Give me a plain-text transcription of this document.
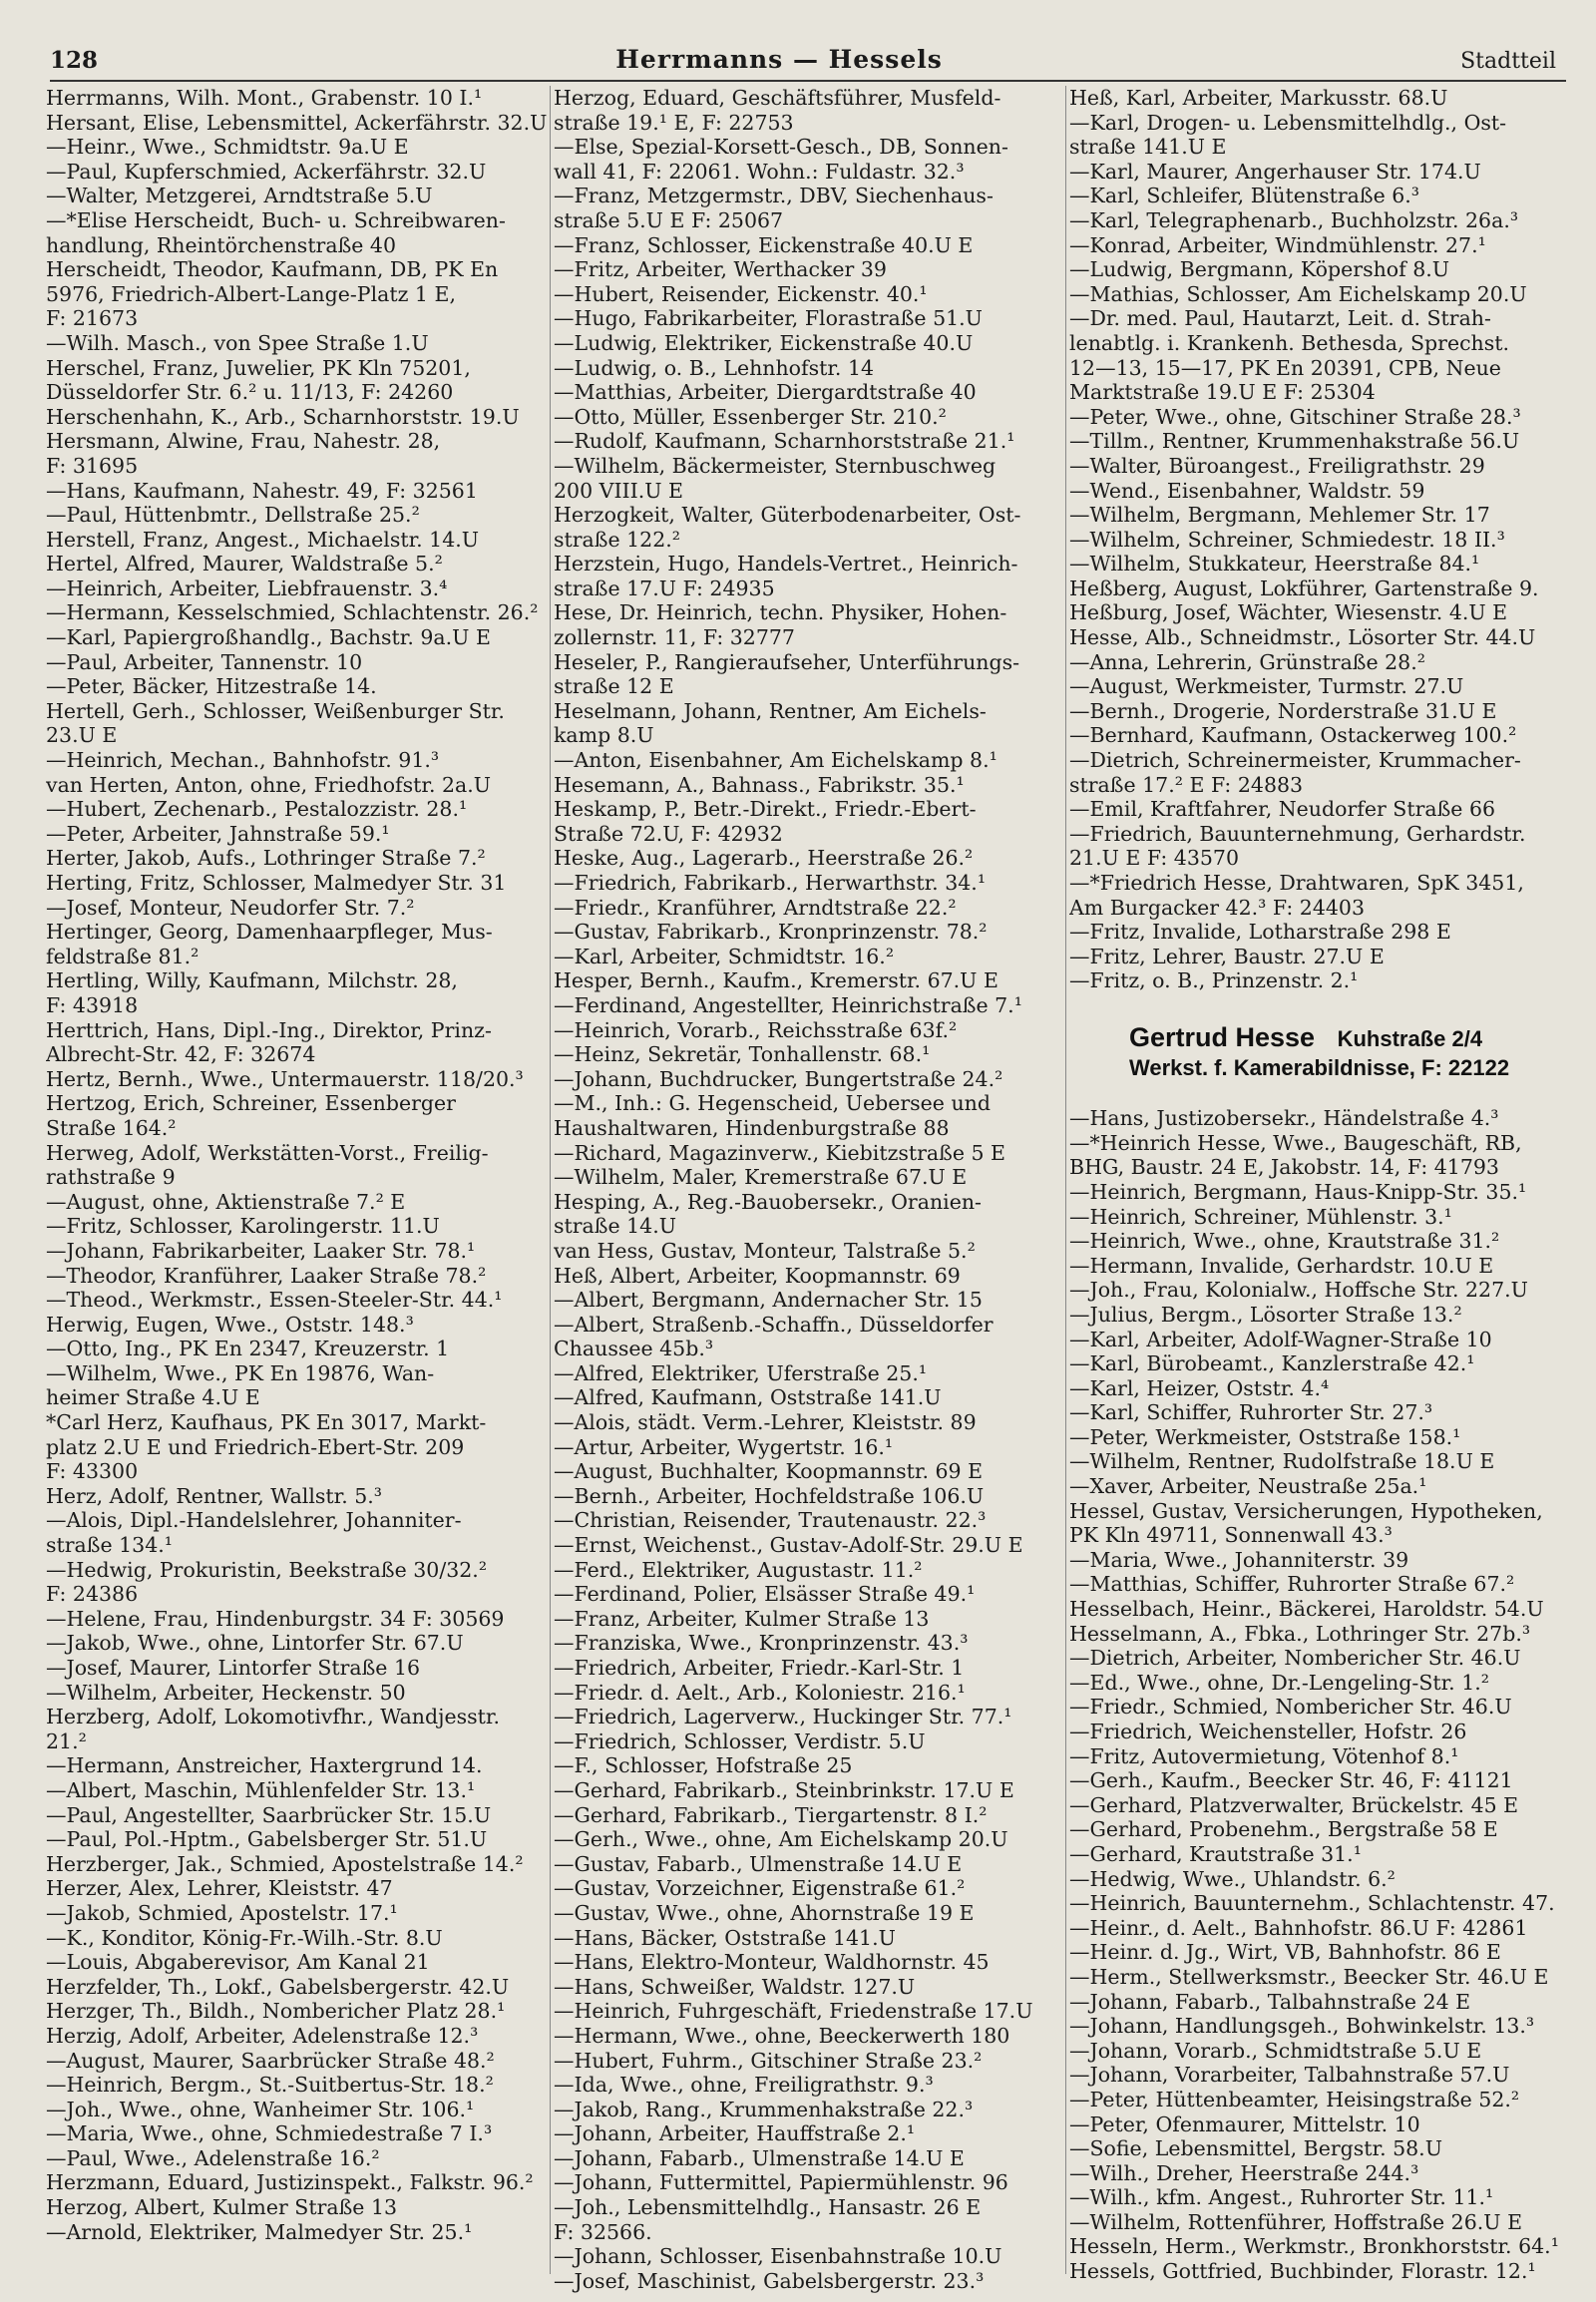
128	Herrmanns — Hessels	Stadtteil

Herrmanns, Wilh. Mont., Grabenstr. 10 I.¹

Hersant, Elise, Lebensmittel, Ackerfährstr. 32.U

—Heinr., Wwe., Schmidtstr. 9a.U E

—Paul, Kupferschmied, Ackerfährstr. 32.U

—Walter, Metzgerei, Arndtstraße 5.U

—*Elise Herscheidt, Buch- u. Schreibwaren-

handlung, Rheintörchenstraße 40

Herscheidt, Theodor, Kaufmann, DB, PK En

5976, Friedrich-Albert-Lange-Platz 1 E,

F: 21673

—Wilh. Masch., von Spee Straße 1.U

Herschel, Franz, Juwelier, PK Kln 75201,

Düsseldorfer Str. 6.² u. 11/13, F: 24260

Herschenhahn, K., Arb., Scharnhorststr. 19.U

Hersmann, Alwine, Frau, Nahestr. 28,

F: 31695

—Hans, Kaufmann, Nahestr. 49, F: 32561

—Paul, Hüttenbmtr., Dellstraße 25.²

Herstell, Franz, Angest., Michaelstr. 14.U

Hertel, Alfred, Maurer, Waldstraße 5.²

—Heinrich, Arbeiter, Liebfrauenstr. 3.⁴

—Hermann, Kesselschmied, Schlachtenstr. 26.²

—Karl, Papiergroßhandlg., Bachstr. 9a.U E

—Paul, Arbeiter, Tannenstr. 10

—Peter, Bäcker, Hitzestraße 14.

Hertell, Gerh., Schlosser, Weißenburger Str.

23.U E

—Heinrich, Mechan., Bahnhofstr. 91.³

van Herten, Anton, ohne, Friedhofstr. 2a.U

—Hubert, Zechenarb., Pestalozzistr. 28.¹

—Peter, Arbeiter, Jahnstraße 59.¹

Herter, Jakob, Aufs., Lothringer Straße 7.²

Herting, Fritz, Schlosser, Malmedyer Str. 31

—Josef, Monteur, Neudorfer Str. 7.²

Hertinger, Georg, Damenhaarpfleger, Mus-

feldstraße 81.²

Hertling, Willy, Kaufmann, Milchstr. 28,

F: 43918

Herttrich, Hans, Dipl.-Ing., Direktor, Prinz-

Albrecht-Str. 42, F: 32674

Hertz, Bernh., Wwe., Untermauerstr. 118/20.³

Hertzog, Erich, Schreiner, Essenberger

Straße 164.²

Herweg, Adolf, Werkstätten-Vorst., Freilig-

rathstraße 9

—August, ohne, Aktienstraße 7.² E

—Fritz, Schlosser, Karolingerstr. 11.U

—Johann, Fabrikarbeiter, Laaker Str. 78.¹

—Theodor, Kranführer, Laaker Straße 78.²

—Theod., Werkmstr., Essen-Steeler-Str. 44.¹

Herwig, Eugen, Wwe., Oststr. 148.³

—Otto, Ing., PK En 2347, Kreuzerstr. 1

—Wilhelm, Wwe., PK En 19876, Wan-

heimer Straße 4.U E

*Carl Herz, Kaufhaus, PK En 3017, Markt-

platz 2.U E und Friedrich-Ebert-Str. 209

F: 43300

Herz, Adolf, Rentner, Wallstr. 5.³

—Alois, Dipl.-Handelslehrer, Johanniter-

straße 134.¹

—Hedwig, Prokuristin, Beekstraße 30/32.²

F: 24386

—Helene, Frau, Hindenburgstr. 34 F: 30569

—Jakob, Wwe., ohne, Lintorfer Str. 67.U

—Josef, Maurer, Lintorfer Straße 16

—Wilhelm, Arbeiter, Heckenstr. 50

Herzberg, Adolf, Lokomotivfhr., Wandjesstr.

21.²

—Hermann, Anstreicher, Haxtergrund 14.

—Albert, Maschin, Mühlenfelder Str. 13.¹

—Paul, Angestellter, Saarbrücker Str. 15.U

—Paul, Pol.-Hptm., Gabelsberger Str. 51.U

Herzberger, Jak., Schmied, Apostelstraße 14.²

Herzer, Alex, Lehrer, Kleiststr. 47

—Jakob, Schmied, Apostelstr. 17.¹

—K., Konditor, König-Fr.-Wilh.-Str. 8.U

—Louis, Abgaberevisor, Am Kanal 21

Herzfelder, Th., Lokf., Gabelsbergerstr. 42.U

Herzger, Th., Bildh., Nombericher Platz 28.¹

Herzig, Adolf, Arbeiter, Adelenstraße 12.³

—August, Maurer, Saarbrücker Straße 48.²

—Heinrich, Bergm., St.-Suitbertus-Str. 18.²

—Joh., Wwe., ohne, Wanheimer Str. 106.¹

—Maria, Wwe., ohne, Schmiedestraße 7 I.³

—Paul, Wwe., Adelenstraße 16.²

Herzmann, Eduard, Justizinspekt., Falkstr. 96.²

Herzog, Albert, Kulmer Straße 13

—Arnold, Elektriker, Malmedyer Str. 25.¹

Herzog, Eduard, Geschäftsführer, Musfeld-

straße 19.¹ E, F: 22753

—Else, Spezial-Korsett-Gesch., DB, Sonnen-

wall 41, F: 22061. Wohn.: Fuldastr. 32.³

—Franz, Metzgermstr., DBV, Siechenhaus-

straße 5.U E F: 25067

—Franz, Schlosser, Eickenstraße 40.U E

—Fritz, Arbeiter, Werthacker 39

—Hubert, Reisender, Eickenstr. 40.¹

—Hugo, Fabrikarbeiter, Florastraße 51.U

—Ludwig, Elektriker, Eickenstraße 40.U

—Ludwig, o. B., Lehnhofstr. 14

—Matthias, Arbeiter, Diergardtstraße 40

—Otto, Müller, Essenberger Str. 210.²

—Rudolf, Kaufmann, Scharnhorststraße 21.¹

—Wilhelm, Bäckermeister, Sternbuschweg

200 VIII.U E

Herzogkeit, Walter, Güterbodenarbeiter, Ost-

straße 122.²

Herzstein, Hugo, Handels-Vertret., Heinrich-

straße 17.U F: 24935

Hese, Dr. Heinrich, techn. Physiker, Hohen-

zollernstr. 11, F: 32777

Heseler, P., Rangieraufseher, Unterführungs-

straße 12 E

Heselmann, Johann, Rentner, Am Eichels-

kamp 8.U

—Anton, Eisenbahner, Am Eichelskamp 8.¹

Hesemann, A., Bahnass., Fabrikstr. 35.¹

Heskamp, P., Betr.-Direkt., Friedr.-Ebert-

Straße 72.U, F: 42932

Heske, Aug., Lagerarb., Heerstraße 26.²

—Friedrich, Fabrikarb., Herwarthstr. 34.¹

—Friedr., Kranführer, Arndtstraße 22.²

—Gustav, Fabrikarb., Kronprinzenstr. 78.²

—Karl, Arbeiter, Schmidtstr. 16.²

Hesper, Bernh., Kaufm., Kremerstr. 67.U E

—Ferdinand, Angestellter, Heinrichstraße 7.¹

—Heinrich, Vorarb., Reichsstraße 63f.²

—Heinz, Sekretär, Tonhallenstr. 68.¹

—Johann, Buchdrucker, Bungertstraße 24.²

—M., Inh.: G. Hegenscheid, Uebersee und

Haushaltwaren, Hindenburgstraße 88

—Richard, Magazinverw., Kiebitzstraße 5 E

—Wilhelm, Maler, Kremerstraße 67.U E

Hesping, A., Reg.-Bauobersekr., Oranien-

straße 14.U

van Hess, Gustav, Monteur, Talstraße 5.²

Heß, Albert, Arbeiter, Koopmannstr. 69

—Albert, Bergmann, Andernacher Str. 15

—Albert, Straßenb.-Schaffn., Düsseldorfer

Chaussee 45b.³

—Alfred, Elektriker, Uferstraße 25.¹

—Alfred, Kaufmann, Oststraße 141.U

—Alois, städt. Verm.-Lehrer, Kleiststr. 89

—Artur, Arbeiter, Wygertstr. 16.¹

—August, Buchhalter, Koopmannstr. 69 E

—Bernh., Arbeiter, Hochfeldstraße 106.U

—Christian, Reisender, Trautenaustr. 22.³

—Ernst, Weichenst., Gustav-Adolf-Str. 29.U E

—Ferd., Elektriker, Augustastr. 11.²

—Ferdinand, Polier, Elsässer Straße 49.¹

—Franz, Arbeiter, Kulmer Straße 13

—Franziska, Wwe., Kronprinzenstr. 43.³

—Friedrich, Arbeiter, Friedr.-Karl-Str. 1

—Friedr. d. Aelt., Arb., Koloniestr. 216.¹

—Friedrich, Lagerverw., Huckinger Str. 77.¹

—Friedrich, Schlosser, Verdistr. 5.U

—F., Schlosser, Hofstraße 25

—Gerhard, Fabrikarb., Steinbrinkstr. 17.U E

—Gerhard, Fabrikarb., Tiergartenstr. 8 I.²

—Gerh., Wwe., ohne, Am Eichelskamp 20.U

—Gustav, Fabarb., Ulmenstraße 14.U E

—Gustav, Vorzeichner, Eigenstraße 61.²

—Gustav, Wwe., ohne, Ahornstraße 19 E

—Hans, Bäcker, Oststraße 141.U

—Hans, Elektro-Monteur, Waldhornstr. 45

—Hans, Schweißer, Waldstr. 127.U

—Heinrich, Fuhrgeschäft, Friedenstraße 17.U

—Hermann, Wwe., ohne, Beeckerwerth 180

—Hubert, Fuhrm., Gitschiner Straße 23.²

—Ida, Wwe., ohne, Freiligrathstr. 9.³

—Jakob, Rang., Krummenhakstraße 22.³

—Johann, Arbeiter, Hauffstraße 2.¹

—Johann, Fabarb., Ulmenstraße 14.U E

—Johann, Futtermittel, Papiermühlenstr. 96

—Joh., Lebensmittelhdlg., Hansastr. 26 E

F: 32566.

—Johann, Schlosser, Eisenbahnstraße 10.U

—Josef, Maschinist, Gabelsbergerstr. 23.³

Heß, Karl, Arbeiter, Markusstr. 68.U

—Karl, Drogen- u. Lebensmittelhdlg., Ost-

straße 141.U E

—Karl, Maurer, Angerhauser Str. 174.U

—Karl, Schleifer, Blütenstraße 6.³

—Karl, Telegraphenarb., Buchholzstr. 26a.³

—Konrad, Arbeiter, Windmühlenstr. 27.¹

—Ludwig, Bergmann, Köpershof 8.U

—Mathias, Schlosser, Am Eichelskamp 20.U

—Dr. med. Paul, Hautarzt, Leit. d. Strah-

lenabtlg. i. Krankenh. Bethesda, Sprechst.

12—13, 15—17, PK En 20391, CPB, Neue

Marktstraße 19.U E F: 25304

—Peter, Wwe., ohne, Gitschiner Straße 28.³

—Tillm., Rentner, Krummenhakstraße 56.U

—Walter, Büroangest., Freiligrathstr. 29

—Wend., Eisenbahner, Waldstr. 59

—Wilhelm, Bergmann, Mehlemer Str. 17

—Wilhelm, Schreiner, Schmiedestr. 18 II.³

—Wilhelm, Stukkateur, Heerstraße 84.¹

Heßberg, August, Lokführer, Gartenstraße 9.

Heßburg, Josef, Wächter, Wiesenstr. 4.U E

Hesse, Alb., Schneidmstr., Lösorter Str. 44.U

—Anna, Lehrerin, Grünstraße 28.²

—August, Werkmeister, Turmstr. 27.U

—Bernh., Drogerie, Norderstraße 31.U E

—Bernhard, Kaufmann, Ostackerweg 100.²

—Dietrich, Schreinermeister, Krummacher-

straße 17.² E F: 24883

—Emil, Kraftfahrer, Neudorfer Straße 66

—Friedrich, Bauunternehmung, Gerhardstr.

21.U E F: 43570

—*Friedrich Hesse, Drahtwaren, SpK 3451,

Am Burgacker 42.³ F: 24403

—Fritz, Invalide, Lotharstraße 298 E

—Fritz, Lehrer, Baustr. 27.U E

—Fritz, o. B., Prinzenstr. 2.¹

Gertrud Hesse Kuhstraße 2/4
Werkst. f. Kamerabildnisse, F: 22122

—Hans, Justizobersekr., Händelstraße 4.³

—*Heinrich Hesse, Wwe., Baugeschäft, RB,

BHG, Baustr. 24 E, Jakobstr. 14, F: 41793

—Heinrich, Bergmann, Haus-Knipp-Str. 35.¹

—Heinrich, Schreiner, Mühlenstr. 3.¹

—Heinrich, Wwe., ohne, Krautstraße 31.²

—Hermann, Invalide, Gerhardstr. 10.U E

—Joh., Frau, Kolonialw., Hoffsche Str. 227.U

—Julius, Bergm., Lösorter Straße 13.²

—Karl, Arbeiter, Adolf-Wagner-Straße 10

—Karl, Bürobeamt., Kanzlerstraße 42.¹

—Karl, Heizer, Oststr. 4.⁴

—Karl, Schiffer, Ruhrorter Str. 27.³

—Peter, Werkmeister, Oststraße 158.¹

—Wilhelm, Rentner, Rudolfstraße 18.U E

—Xaver, Arbeiter, Neustraße 25a.¹

Hessel, Gustav, Versicherungen, Hypotheken,

PK Kln 49711, Sonnenwall 43.³

—Maria, Wwe., Johanniterstr. 39

—Matthias, Schiffer, Ruhrorter Straße 67.²

Hesselbach, Heinr., Bäckerei, Haroldstr. 54.U

Hesselmann, A., Fbka., Lothringer Str. 27b.³

—Dietrich, Arbeiter, Nombericher Str. 46.U

—Ed., Wwe., ohne, Dr.-Lengeling-Str. 1.²

—Friedr., Schmied, Nombericher Str. 46.U

—Friedrich, Weichensteller, Hofstr. 26

—Fritz, Autovermietung, Vötenhof 8.¹

—Gerh., Kaufm., Beecker Str. 46, F: 41121

—Gerhard, Platzverwalter, Brückelstr. 45 E

—Gerhard, Probenehm., Bergstraße 58 E

—Gerhard, Krautstraße 31.¹

—Hedwig, Wwe., Uhlandstr. 6.²

—Heinrich, Bauunternehm., Schlachtenstr. 47.

—Heinr., d. Aelt., Bahnhofstr. 86.U F: 42861

—Heinr. d. Jg., Wirt, VB, Bahnhofstr. 86 E

—Herm., Stellwerksmstr., Beecker Str. 46.U E

—Johann, Fabarb., Talbahnstraße 24 E

—Johann, Handlungsgeh., Bohwinkelstr. 13.³

—Johann, Vorarb., Schmidtstraße 5.U E

—Johann, Vorarbeiter, Talbahnstraße 57.U

—Peter, Hüttenbeamter, Heisingstraße 52.²

—Peter, Ofenmaurer, Mittelstr. 10

—Sofie, Lebensmittel, Bergstr. 58.U

—Wilh., Dreher, Heerstraße 244.³

—Wilh., kfm. Angest., Ruhrorter Str. 11.¹

—Wilhelm, Rottenführer, Hoffstraße 26.U E

Hesseln, Herm., Werkmstr., Bronkhorststr. 64.¹

Hessels, Gottfried, Buchbinder, Florastr. 12.¹
